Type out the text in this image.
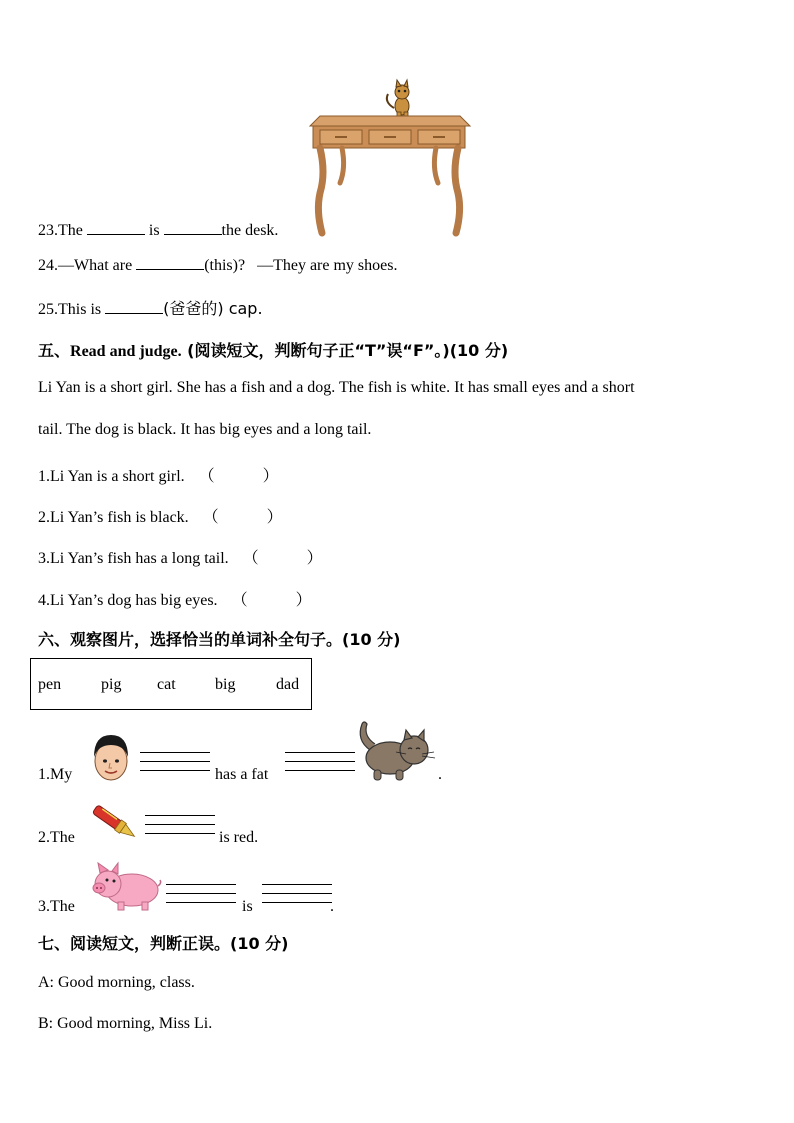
23.The	is	the desk.
24.—What are	(this)? —They are my shoes.
25.This is	(爸爸的) cap.
五、Read and judge. (阅读短文，判断句子正“T”误“F”。)(10 分)
Li Yan is a short girl. She has a fish and a dog. The fish is white. It has small eyes and a short
tail. The dog is black. It has big eyes and a long tail.
1.Li Yan is a short girl. （　　　）
2.Li Yan’s fish is black. （　　　）
3.Li Yan’s fish has a long tail. （　　　）
4.Li Yan’s dog has big eyes. （　　　）
六、观察图片，选择恰当的单词补全句子。(10 分)
pen pig cat big	dad
1.My	has a fat	.
2.The	is red.
3.The	is	.
七、阅读短文，判断正误。(10 分)
A: Good morning, class.
B: Good morning, Miss Li.
